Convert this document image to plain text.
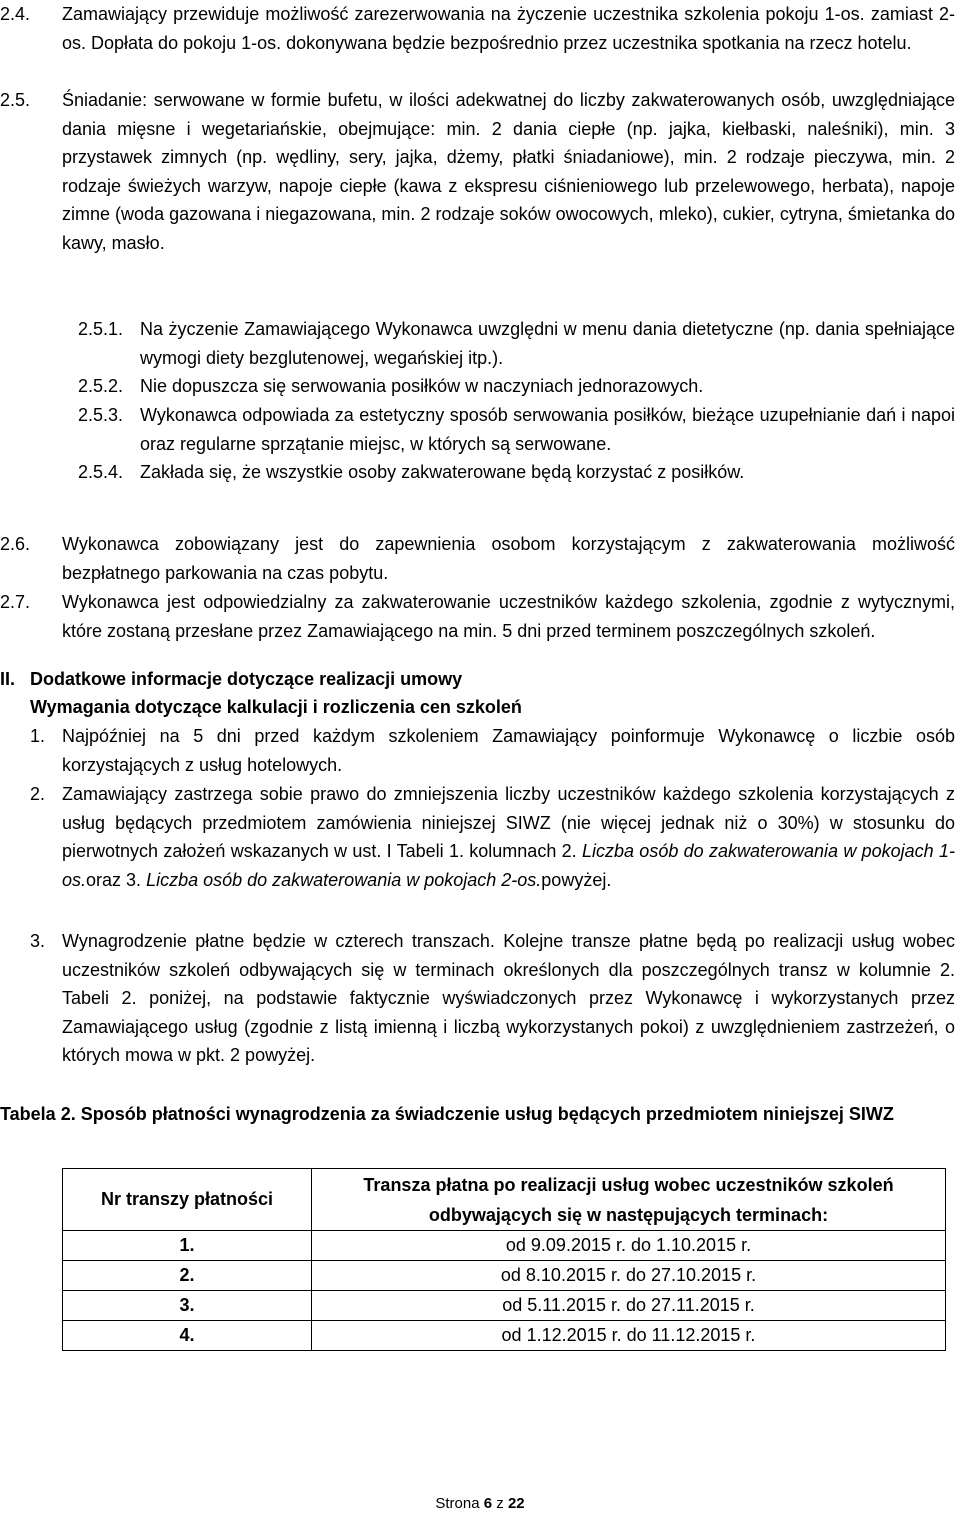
2.4.	Zamawiający przewiduje możliwość zarezerwowania na życzenie uczestnika szkolenia pokoju 1-os. zamiast 2-os. Dopłata do pokoju 1-os. dokonywana będzie bezpośrednio przez uczestnika spotkania na rzecz hotelu.
2.5.	Śniadanie: serwowane w formie bufetu, w ilości adekwatnej do liczby zakwaterowanych osób, uwzględniające dania mięsne i wegetariańskie, obejmujące: min. 2 dania ciepłe (np. jajka, kiełbaski, naleśniki), min. 3 przystawek zimnych (np. wędliny, sery, jajka, dżemy, płatki śniadaniowe), min. 2 rodzaje pieczywa, min. 2 rodzaje świeżych warzyw, napoje ciepłe (kawa z ekspresu ciśnieniowego lub przelewowego, herbata), napoje zimne (woda gazowana i niegazowana, min. 2 rodzaje soków owocowych, mleko), cukier, cytryna, śmietanka do kawy, masło.
2.5.1. Na życzenie Zamawiającego Wykonawca uwzględni w menu dania dietetyczne (np. dania spełniające wymogi diety bezglutenowej, wegańskiej itp.).
2.5.2. Nie dopuszcza się serwowania posiłków w naczyniach jednorazowych.
2.5.3. Wykonawca odpowiada za estetyczny sposób serwowania posiłków, bieżące uzupełnianie dań i napoi oraz regularne sprzątanie miejsc, w których są serwowane.
2.5.4. Zakłada się, że wszystkie osoby zakwaterowane będą korzystać z posiłków.
2.6.	Wykonawca zobowiązany jest do zapewnienia osobom korzystającym z zakwaterowania możliwość bezpłatnego parkowania na czas pobytu.
2.7.	Wykonawca jest odpowiedzialny za zakwaterowanie uczestników każdego szkolenia, zgodnie z wytycznymi, które zostaną przesłane przez Zamawiającego na min. 5 dni przed terminem poszczególnych szkoleń.
II. Dodatkowe informacje dotyczące realizacji umowy
Wymagania dotyczące kalkulacji i rozliczenia cen szkoleń
1. Najpóźniej na 5 dni przed każdym szkoleniem Zamawiający poinformuje Wykonawcę o liczbie osób korzystających z usług hotelowych.
2. Zamawiający zastrzega sobie prawo do zmniejszenia liczby uczestników każdego szkolenia korzystających z usług będących przedmiotem zamówienia niniejszej SIWZ (nie więcej jednak niż o 30%) w stosunku do pierwotnych założeń wskazanych w ust. I Tabeli 1. kolumnach 2. Liczba osób do zakwaterowania w pokojach 1-os.oraz 3. Liczba osób do zakwaterowania w pokojach 2-os.powyżej.
3. Wynagrodzenie płatne będzie w czterech transzach. Kolejne transze płatne będą po realizacji usług wobec uczestników szkoleń odbywających się w terminach określonych dla poszczególnych transz w kolumnie 2. Tabeli 2. poniżej, na podstawie faktycznie wyświadczonych przez Wykonawcę i wykorzystanych przez Zamawiającego usług (zgodnie z listą imienną i liczbą wykorzystanych pokoi) z uwzględnieniem zastrzeżeń, o których mowa w pkt. 2 powyżej.
Tabela 2. Sposób płatności wynagrodzenia za świadczenie usług będących przedmiotem niniejszej SIWZ
Nr transzy płatności	Transza płatna po realizacji usług wobec uczestników szkoleń odbywających się w następujących terminach:
1.	od 9.09.2015 r. do 1.10.2015 r.
2.	od 8.10.2015 r. do 27.10.2015 r.
3.	od 5.11.2015 r. do 27.11.2015 r.
4.	od 1.12.2015 r. do 11.12.2015 r.
Strona 6 z 22
